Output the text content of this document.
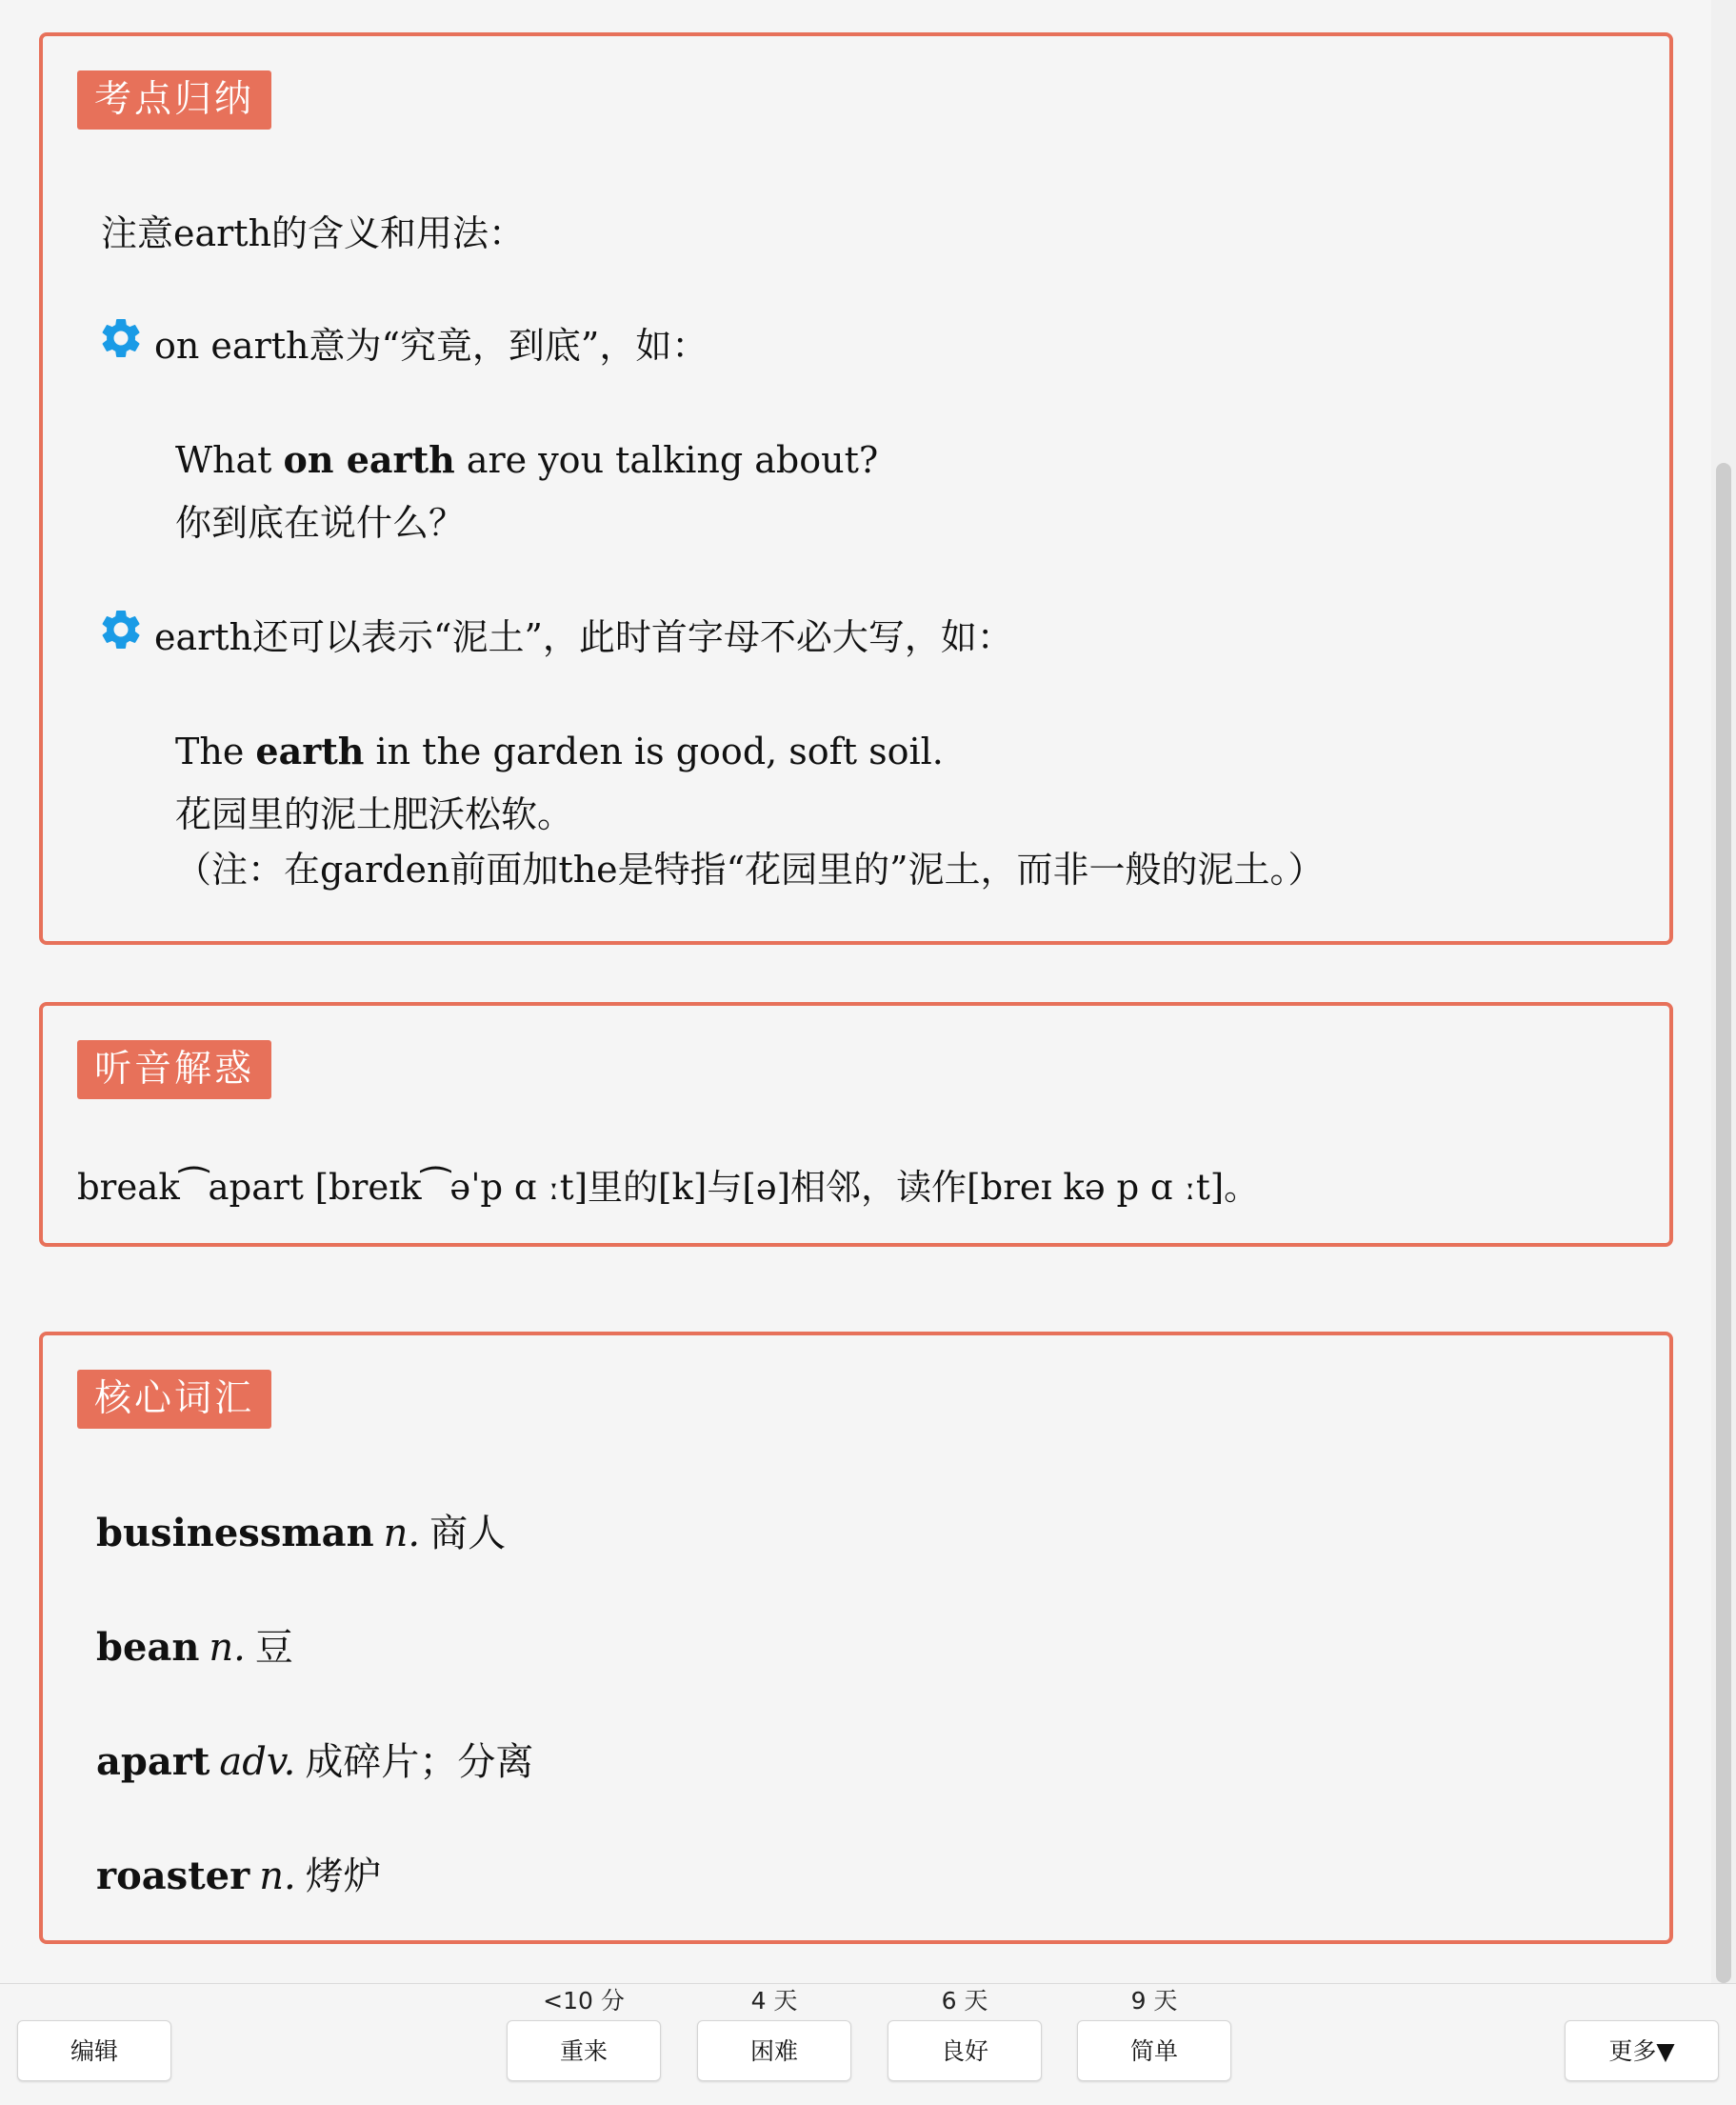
考点归纳
注意earth的含义和用法：
on earth意为“究竟，到底”，如：
What on earth are you talking about?
你到底在说什么？
earth还可以表示“泥土”，此时首字母不必大写，如：
The earth in the garden is good, soft soil.
花园里的泥土肥沃松软。
（注：在garden前面加the是特指“花园里的”泥土，而非一般的泥土。）
听音解惑
break⁀apart [breɪk⁀əˈp ɑ ːt]里的[k]与[ə]相邻，读作[breɪ kə p ɑ ːt]。
核心词汇
businessman n. 商人
bean n. 豆
apart adv. 成碎片；分离
roaster n. 烤炉
编辑
<10 分
重来
4 天
困难
6 天
良好
9 天
简单	更多▼
